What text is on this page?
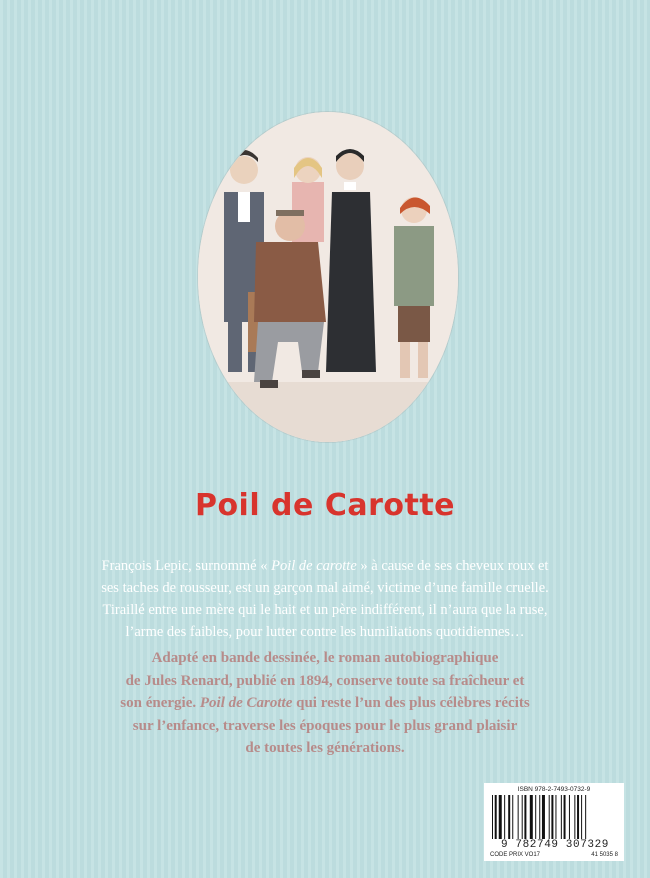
Poil de Carotte
François Lepic, surnommé « Poil de carotte » à cause de ses cheveux roux et
ses taches de rousseur, est un garçon mal aimé, victime d’une famille cruelle.
Tiraillé entre une mère qui le hait et un père indifférent, il n’aura que la ruse,
l’arme des faibles, pour lutter contre les humiliations quotidiennes…
Adapté en bande dessinée, le roman autobiographique
de Jules Renard, publié en 1894, conserve toute sa fraîcheur et
son énergie. Poil de Carotte qui reste l’un des plus célèbres récits
sur l’enfance, traverse les époques pour le plus grand plaisir
de toutes les générations.
ISBN 978-2-7493-0732-9
9 782749 307329
CODE PRIX VO17	41 5035 8
